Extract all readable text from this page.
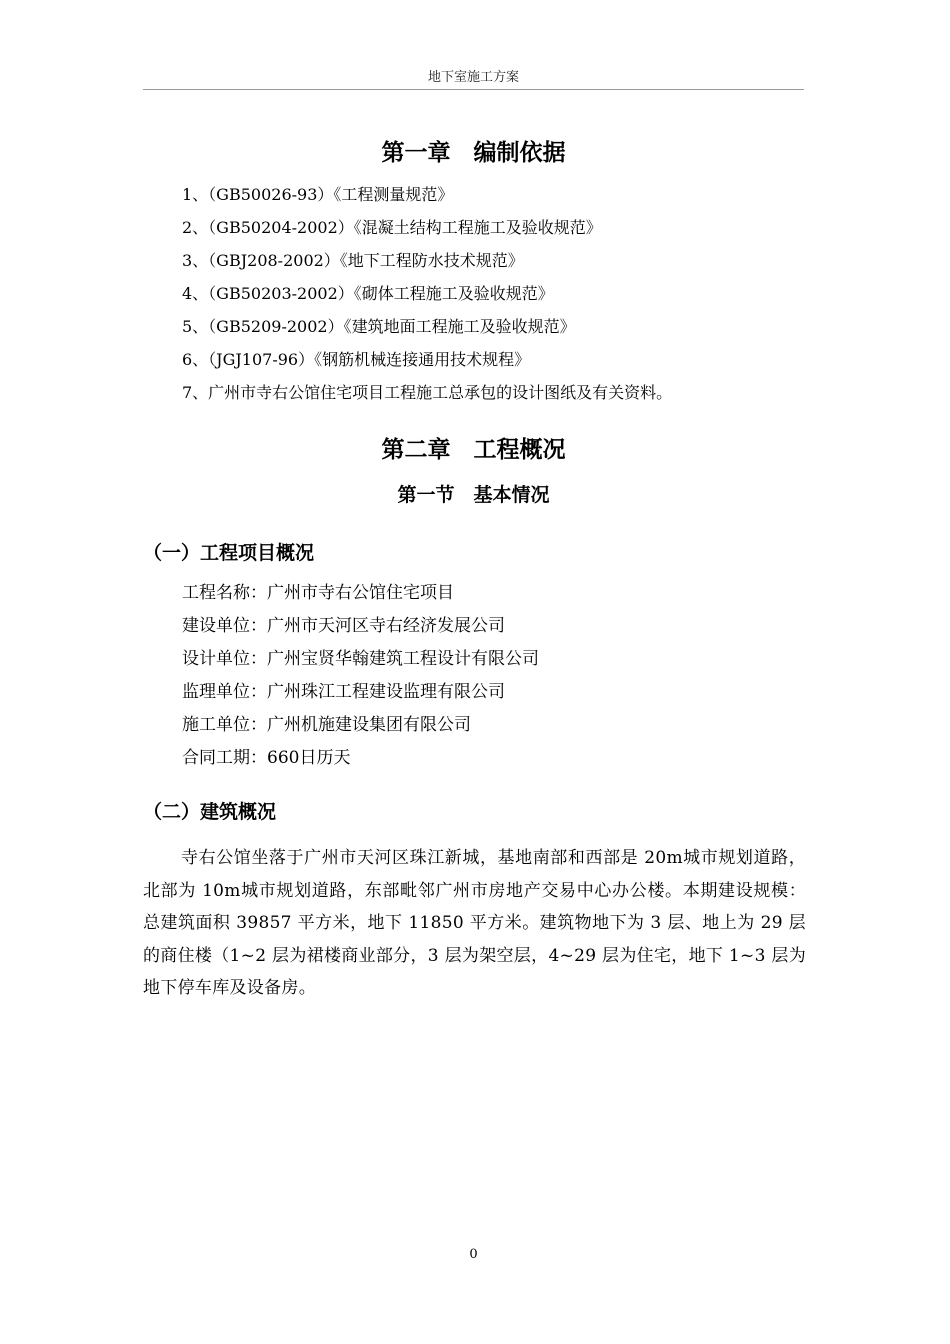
地下室施工方案
第一章　编制依据
1、（GB50026-93）《工程测量规范》
2、（GB50204-2002）《混凝土结构工程施工及验收规范》
3、（GBJ208-2002）《地下工程防水技术规范》
4、（GB50203-2002）《砌体工程施工及验收规范》
5、（GB5209-2002）《建筑地面工程施工及验收规范》
6、（JGJ107-96）《钢筋机械连接通用技术规程》
7、广州市寺右公馆住宅项目工程施工总承包的设计图纸及有关资料。
第二章　工程概况
第一节　基本情况
（一）工程项目概况
工程名称：广州市寺右公馆住宅项目
建设单位：广州市天河区寺右经济发展公司
设计单位：广州宝贤华翰建筑工程设计有限公司
监理单位：广州珠江工程建设监理有限公司
施工单位：广州机施建设集团有限公司
合同工期：660日历天
（二）建筑概况

寺右公馆坐落于广州市天河区珠江新城，基地南部和西部是 20m城市规划道路，北部为 10m城市规划道路，东部毗邻广州市房地产交易中心办公楼。本期建设规模：总建筑面积 39857 平方米，地下 11850 平方米。建筑物地下为 3 层、地上为 29 层的商住楼（1~2 层为裙楼商业部分，3 层为架空层，4~29 层为住宅，地下 1~3 层为地下停车库及设备房。

0
